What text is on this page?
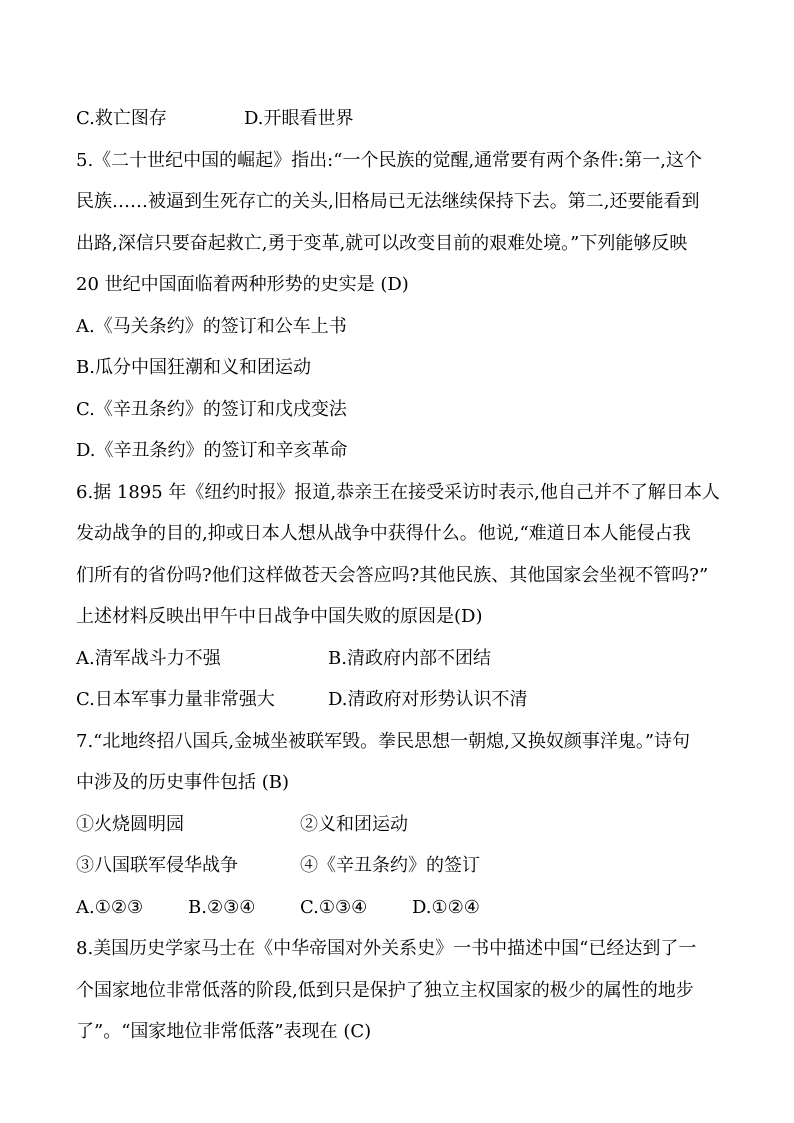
C.救亡图存	D.开眼看世界
5.《二十世纪中国的崛起》指出:“一个民族的觉醒,通常要有两个条件:第一,这个
民族……被逼到生死存亡的关头,旧格局已无法继续保持下去。第二,还要能看到
出路,深信只要奋起救亡,勇于变革,就可以改变目前的艰难处境。”下列能够反映
20 世纪中国面临着两种形势的史实是 (D)
A.《马关条约》的签订和公车上书
B.瓜分中国狂潮和义和团运动
C.《辛丑条约》的签订和戊戌变法
D.《辛丑条约》的签订和辛亥革命
6.据 1895 年《纽约时报》报道,恭亲王在接受采访时表示,他自己并不了解日本人
发动战争的目的,抑或日本人想从战争中获得什么。他说,“难道日本人能侵占我
们所有的省份吗?他们这样做苍天会答应吗?其他民族、其他国家会坐视不管吗?”
上述材料反映出甲午中日战争中国失败的原因是(D)
A.清军战斗力不强	B.清政府内部不团结
C.日本军事力量非常强大	D.清政府对形势认识不清
7.“北地终招八国兵,金城坐被联军毁。拳民思想一朝熄,又换奴颜事洋鬼。”诗句
中涉及的历史事件包括 (B)
①火烧圆明园	②义和团运动
③八国联军侵华战争	④《辛丑条约》的签订
A.①②③	B.②③④	C.①③④	D.①②④
8.美国历史学家马士在《中华帝国对外关系史》一书中描述中国“已经达到了一
个国家地位非常低落的阶段,低到只是保护了独立主权国家的极少的属性的地步
了”。“国家地位非常低落”表现在 (C)
